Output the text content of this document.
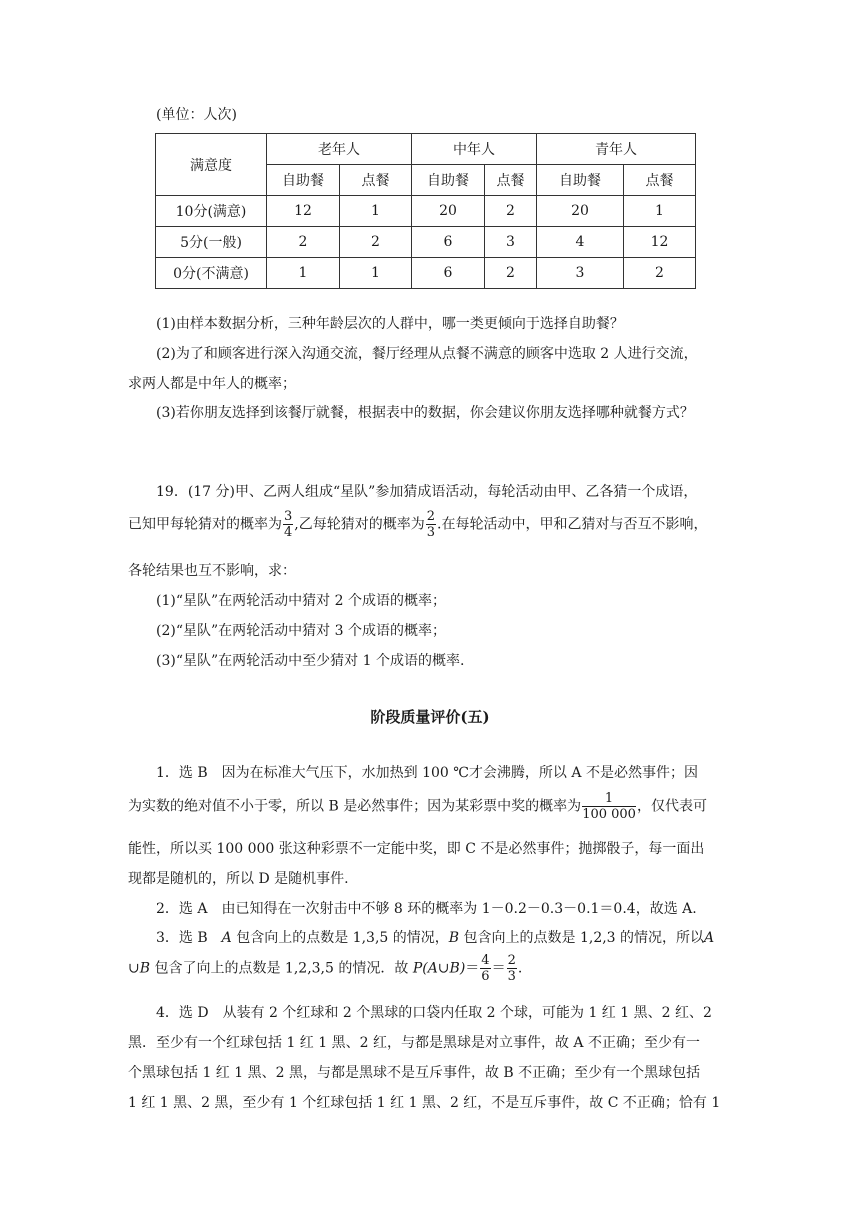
(单位：人次)
满意度	老年人		中年人		青年人	
	自助餐	点餐	自助餐	点餐	自助餐	点餐
10分(满意)	12	1	20	2	20	1
5分(一般)	2	2	6	3	4	12
0分(不满意)	1	1	6	2	3	2
(1)由样本数据分析，三种年龄层次的人群中，哪一类更倾向于选择自助餐？
(2)为了和顾客进行深入沟通交流，餐厅经理从点餐不满意的顾客中选取 2 人进行交流，
求两人都是中年人的概率；
(3)若你朋友选择到该餐厅就餐，根据表中的数据，你会建议你朋友选择哪种就餐方式？
19．(17 分)甲、乙两人组成“星队”参加猜成语活动，每轮活动由甲、乙各猜一个成语，
已知甲每轮猜对的概率为 $\frac{3}{4}$ ,乙每轮猜对的概率为 $\frac{2}{3}$ .在每轮活动中，甲和乙猜对与否互不影响，
各轮结果也互不影响，求：
(1)“星队”在两轮活动中猜对 2 个成语的概率；
(2)“星队”在两轮活动中猜对 3 个成语的概率；
(3)“星队”在两轮活动中至少猜对 1 个成语的概率.
阶段质量评价(五)
1．选 B　因为在标准大气压下，水加热到 100 ℃才会沸腾，所以 A 不是必然事件；因
为实数的绝对值不小于零，所以 B 是必然事件；因为某彩票中奖的概率为 $\frac{1}{100 000}$ ，仅代表可
能性，所以买 100 000 张这种彩票不一定能中奖，即 C 不是必然事件；抛掷骰子，每一面出
现都是随机的，所以 D 是随机事件.
2．选 A　由已知得在一次射击中不够 8 环的概率为 1－0.2－0.3－0.1＝0.4，故选 A.
3．选 B　A 包含向上的点数是 1,3,5 的情况，B 包含向上的点数是 1,2,3 的情况，所以A
∪B 包含了向上的点数是 1,2,3,5 的情况．故 P(A∪B)＝ $\frac{4}{6} = \frac{2}{3}$ .
4．选 D　从装有 2 个红球和 2 个黑球的口袋内任取 2 个球，可能为 1 红 1 黑、2 红、2
黑．至少有一个红球包括 1 红 1 黑、2 红，与都是黑球是对立事件，故 A 不正确；至少有一
个黑球包括 1 红 1 黑、2 黑，与都是黑球不是互斥事件，故 B 不正确；至少有一个黑球包括
1 红 1 黑、2 黑，至少有 1 个红球包括 1 红 1 黑、2 红，不是互斥事件，故 C 不正确；恰有 1
